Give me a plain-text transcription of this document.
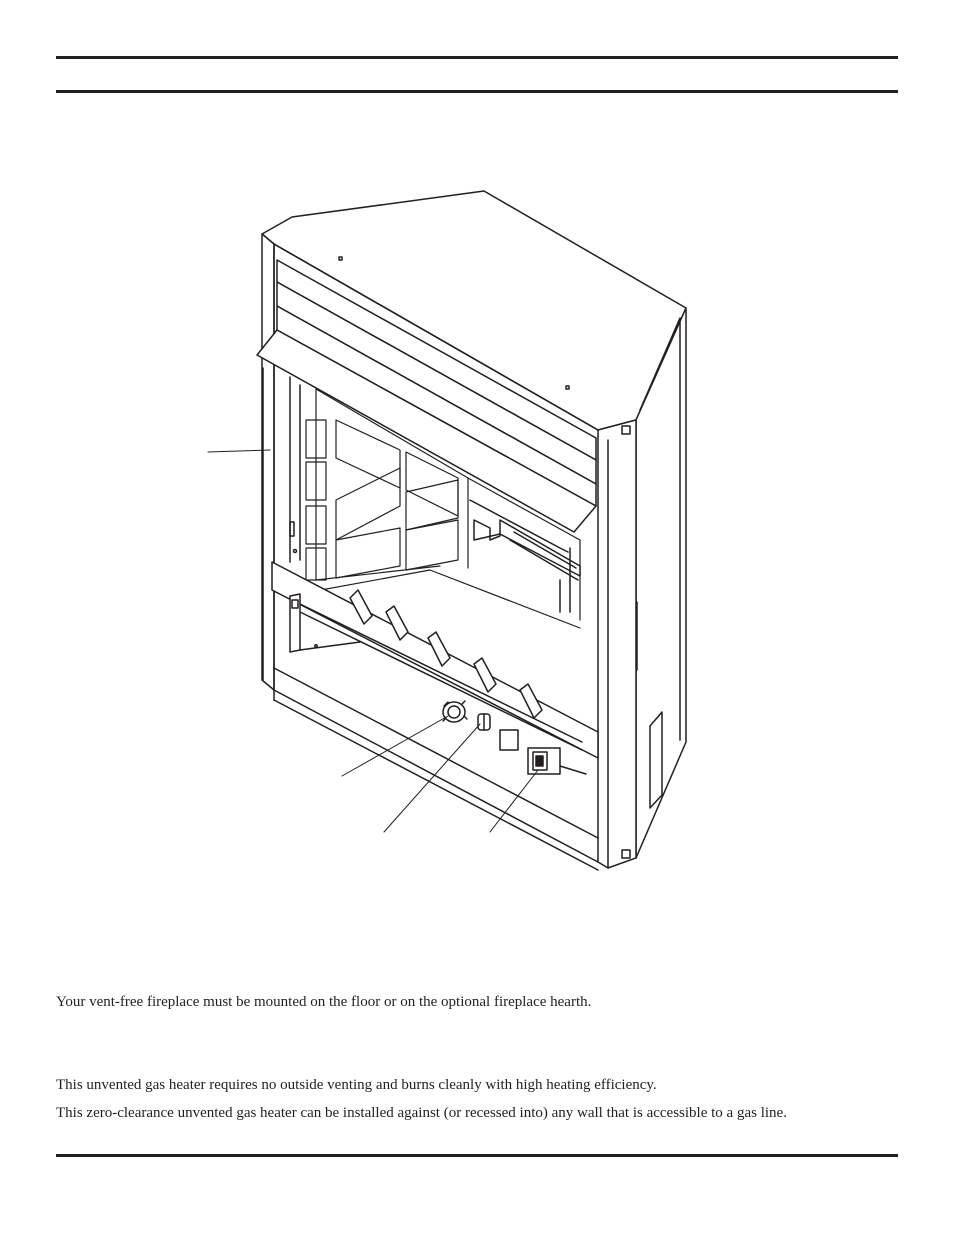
Your vent-free fireplace must be mounted on the floor or on the optional fireplace hearth.

This unvented gas heater requires no outside venting and burns cleanly with high heating efficiency.

This zero-clearance unvented gas heater can be installed against (or recessed into) any wall that is accessible to a gas line.
